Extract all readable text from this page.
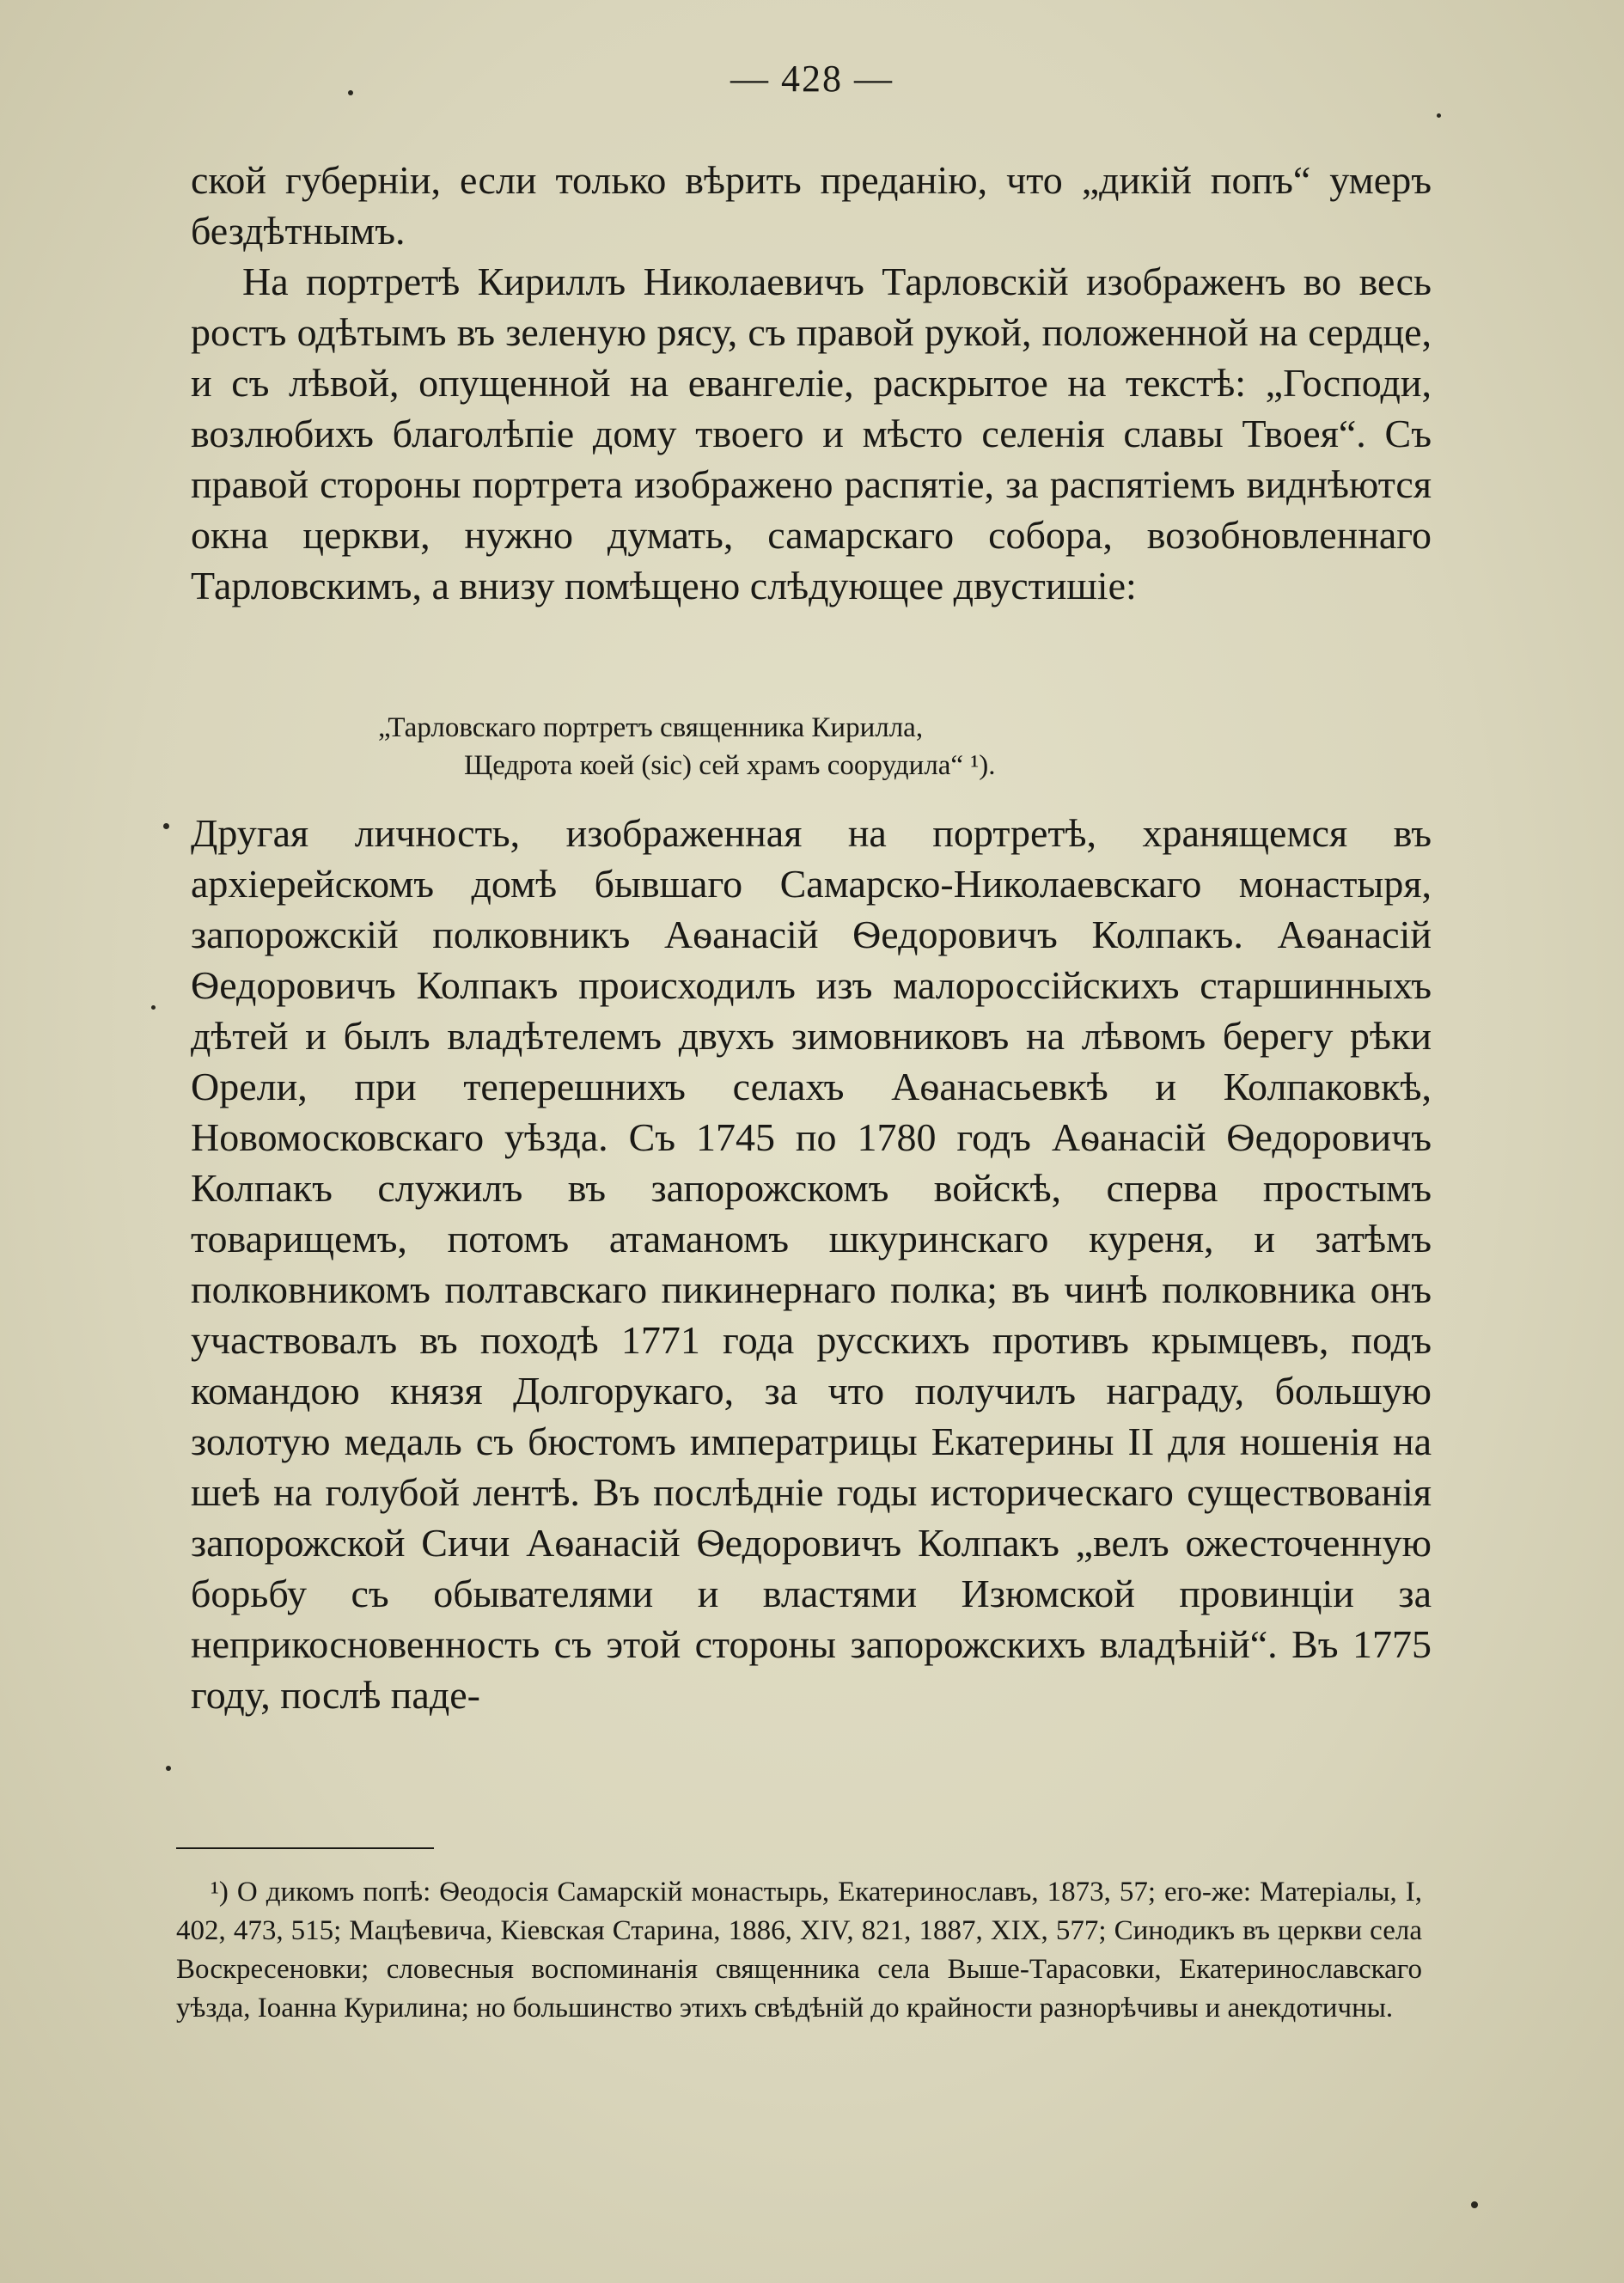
— 428 —

ской губерніи, если только вѣрить преданію, что „дикій попъ“ умеръ бездѣтнымъ.

На портретѣ Кириллъ Николаевичъ Тарловскій изображенъ во весь ростъ одѣтымъ въ зеленую рясу, съ правой рукой, положенной на сердце, и съ лѣвой, опущенной на евангеліе, раскрытое на текстѣ: „Господи, возлюбихъ благолѣпіе дому твоего и мѣсто селенія славы Твоея“. Съ правой стороны портрета изображено распятіе, за распятіемъ виднѣются окна церкви, нужно думать, самарскаго собора, возобновленнаго Тарловскимъ, а внизу помѣщено слѣдующее двустишіе:

„Тарловскаго портретъ священника Кирилла,
Щедрота коей (sic) сей храмъ соорудила“ ¹).

Другая личность, изображенная на портретѣ, хранящемся въ архіерейскомъ домѣ бывшаго Самарско-Николаевскаго монастыря, запорожскій полковникъ Аѳанасій Ѳедоровичъ Колпакъ. Аѳанасій Ѳедоровичъ Колпакъ происходилъ изъ малороссійскихъ старшинныхъ дѣтей и былъ владѣтелемъ двухъ зимовниковъ на лѣвомъ берегу рѣки Орели, при теперешнихъ селахъ Аѳанасьевкѣ и Колпаковкѣ, Новомосковскаго уѣзда. Съ 1745 по 1780 годъ Аѳанасій Ѳедоровичъ Колпакъ служилъ въ запорожскомъ войскѣ, сперва простымъ товарищемъ, потомъ атаманомъ шкуринскаго куреня, и затѣмъ полковникомъ полтавскаго пикинернаго полка; въ чинѣ полковника онъ участвовалъ въ походѣ 1771 года русскихъ противъ крымцевъ, подъ командою князя Долгорукаго, за что получилъ награду, большую золотую медаль съ бюстомъ императрицы Екатерины II для ношенія на шеѣ на голубой лентѣ. Въ послѣдніе годы историческаго существованія запорожской Сичи Аѳанасій Ѳедоровичъ Колпакъ „велъ ожесточенную борьбу съ обывателями и властями Изюмской провинціи за неприкосновенность съ этой стороны запорожскихъ владѣній“. Въ 1775 году, послѣ паде-

¹) О дикомъ попѣ: Ѳеодосія Самарскій монастырь, Екатеринославъ, 1873, 57; его-же: Матеріалы, I, 402, 473, 515; Мацѣевича, Кіевская Старина, 1886, XIV, 821, 1887, XIX, 577; Синодикъ въ церкви села Воскресеновки; словесныя воспоминанія священника села Выше-Тарасовки, Екатеринославскаго уѣзда, Іоанна Курилина; но большинство этихъ свѣдѣній до крайности разнорѣчивы и анекдотичны.
